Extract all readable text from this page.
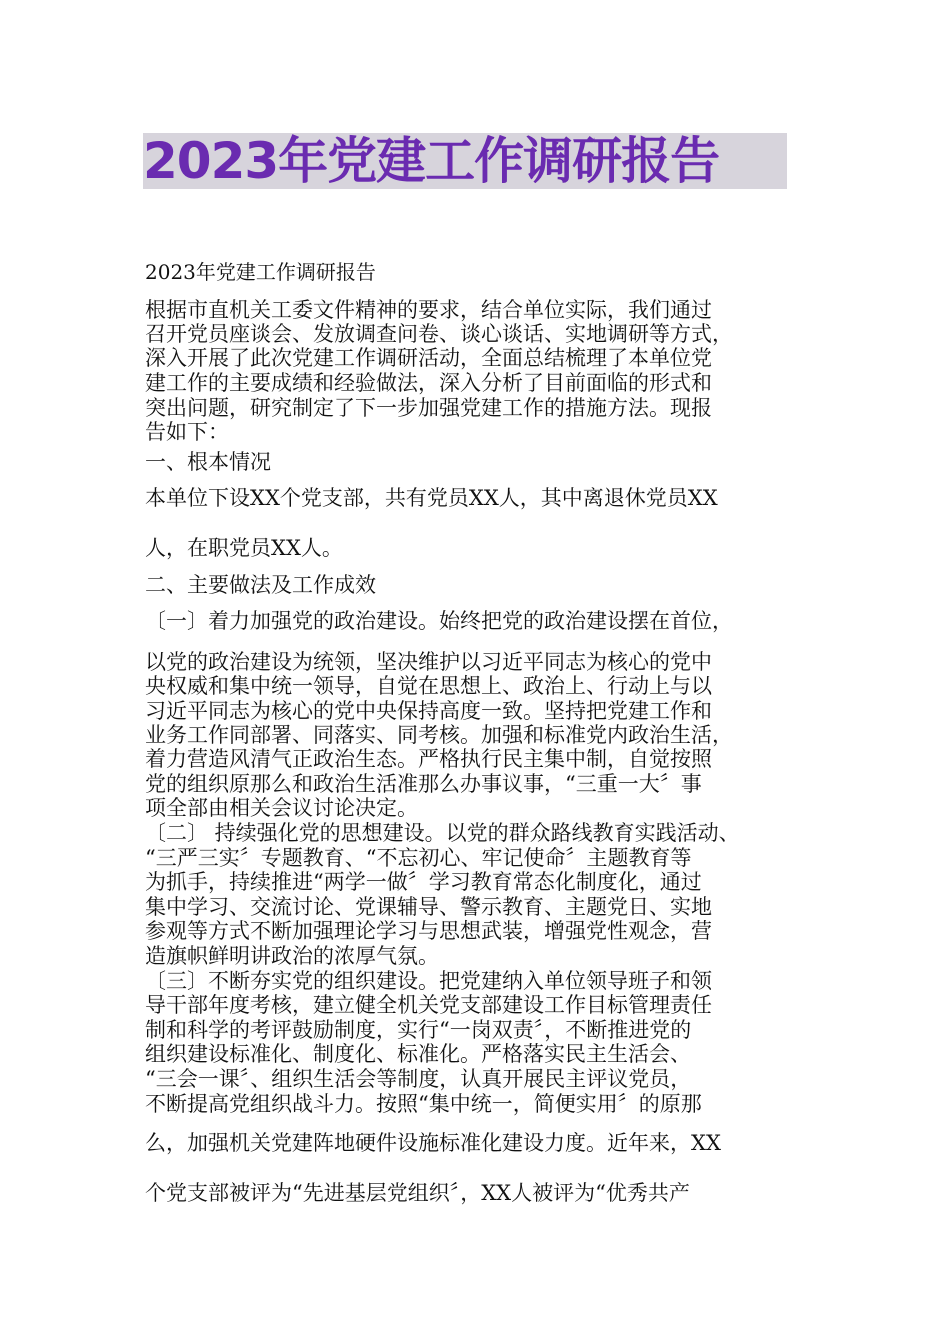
2023年党建工作调研报告
2023年党建工作调研报告
根据市直机关工委文件精神的要求，结合单位实际，我们通过
召开党员座谈会、发放调查问卷、谈心谈话、实地调研等方式，
深入开展了此次党建工作调研活动，全面总结梳理了本单位党
建工作的主要成绩和经验做法，深入分析了目前面临的形式和
突出问题，研究制定了下一步加强党建工作的措施方法。现报
告如下：
一、根本情况
本单位下设XX个党支部，共有党员XX人，其中离退休党员XX
人，在职党员XX人。
二、主要做法及工作成效
〔一〕着力加强党的政治建设。始终把党的政治建设摆在首位，
以党的政治建设为统领，坚决维护以习近平同志为核心的党中
央权威和集中统一领导，自觉在思想上、政治上、行动上与以
习近平同志为核心的党中央保持高度一致。坚持把党建工作和
业务工作同部署、同落实、同考核。加强和标准党内政治生活，
着力营造风清气正政治生态。严格执行民主集中制，自觉按照
党的组织原那么和政治生活准那么办事议事，“三重一大〞事
项全部由相关会议讨论决定。
〔二〕 持续强化党的思想建设。以党的群众路线教育实践活动、
“三严三实〞专题教育、“不忘初心、牢记使命〞主题教育等
为抓手，持续推进“两学一做〞学习教育常态化制度化，通过
集中学习、交流讨论、党课辅导、警示教育、主题党日、实地
参观等方式不断加强理论学习与思想武装，增强党性观念，营
造旗帜鲜明讲政治的浓厚气氛。
〔三〕不断夯实党的组织建设。把党建纳入单位领导班子和领
导干部年度考核，建立健全机关党支部建设工作目标管理责任
制和科学的考评鼓励制度，实行“一岗双责〞，不断推进党的
组织建设标准化、制度化、标准化。严格落实民主生活会、
“三会一课〞、组织生活会等制度，认真开展民主评议党员，
不断提高党组织战斗力。按照“集中统一，简便实用〞的原那
么，加强机关党建阵地硬件设施标准化建设力度。近年来，XX
个党支部被评为“先进基层党组织〞，XX人被评为“优秀共产
